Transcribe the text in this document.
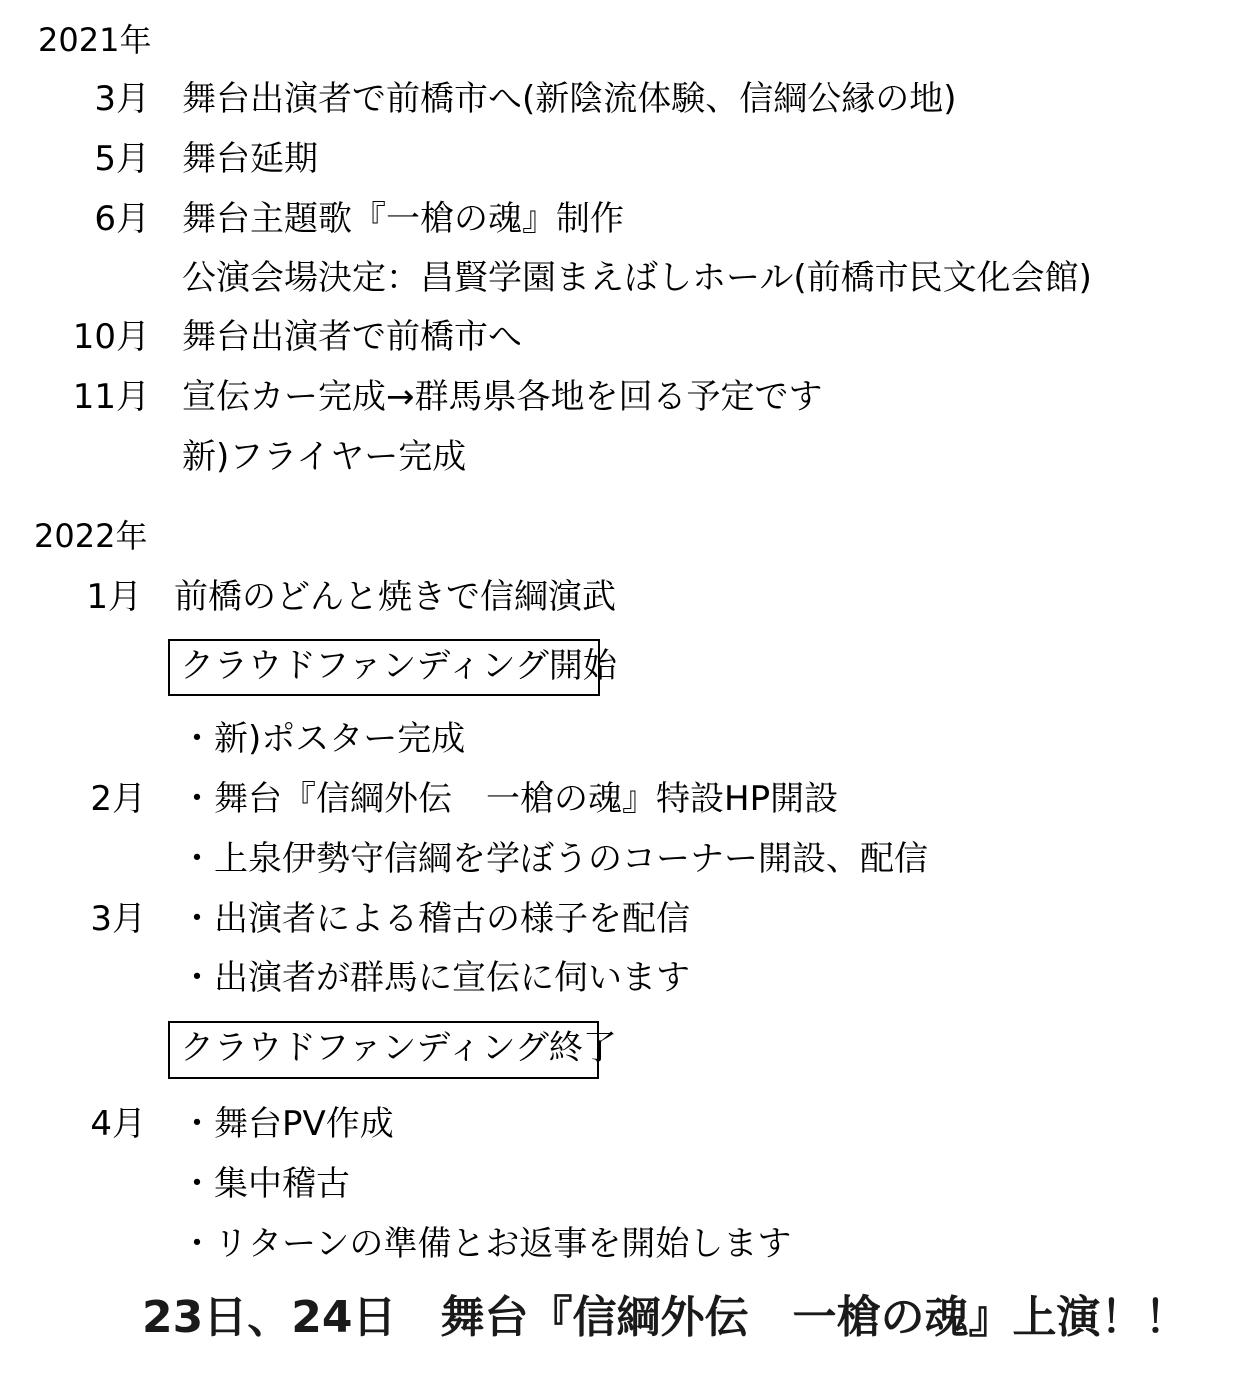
2021年
3月 舞台出演者で前橋市へ(新陰流体験、信綱公縁の地)
5月 舞台延期
6月 舞台主題歌『一槍の魂』制作
公演会場決定：昌賢学園まえばしホール(前橋市民文化会館)
10月 舞台出演者で前橋市へ
11月 宣伝カー完成→群馬県各地を回る予定です
新)フライヤー完成
2022年
1月 前橋のどんと焼きで信綱演武
クラウドファンディング開始
・新)ポスター完成
2月 ・舞台『信綱外伝　一槍の魂』特設HP開設
・上泉伊勢守信綱を学ぼうのコーナー開設、配信
3月 ・出演者による稽古の様子を配信
・出演者が群馬に宣伝に伺います
クラウドファンディング終了
4月 ・舞台PV作成
・集中稽古
・リターンの準備とお返事を開始します
23日、24日　舞台『信綱外伝　一槍の魂』上演！！
